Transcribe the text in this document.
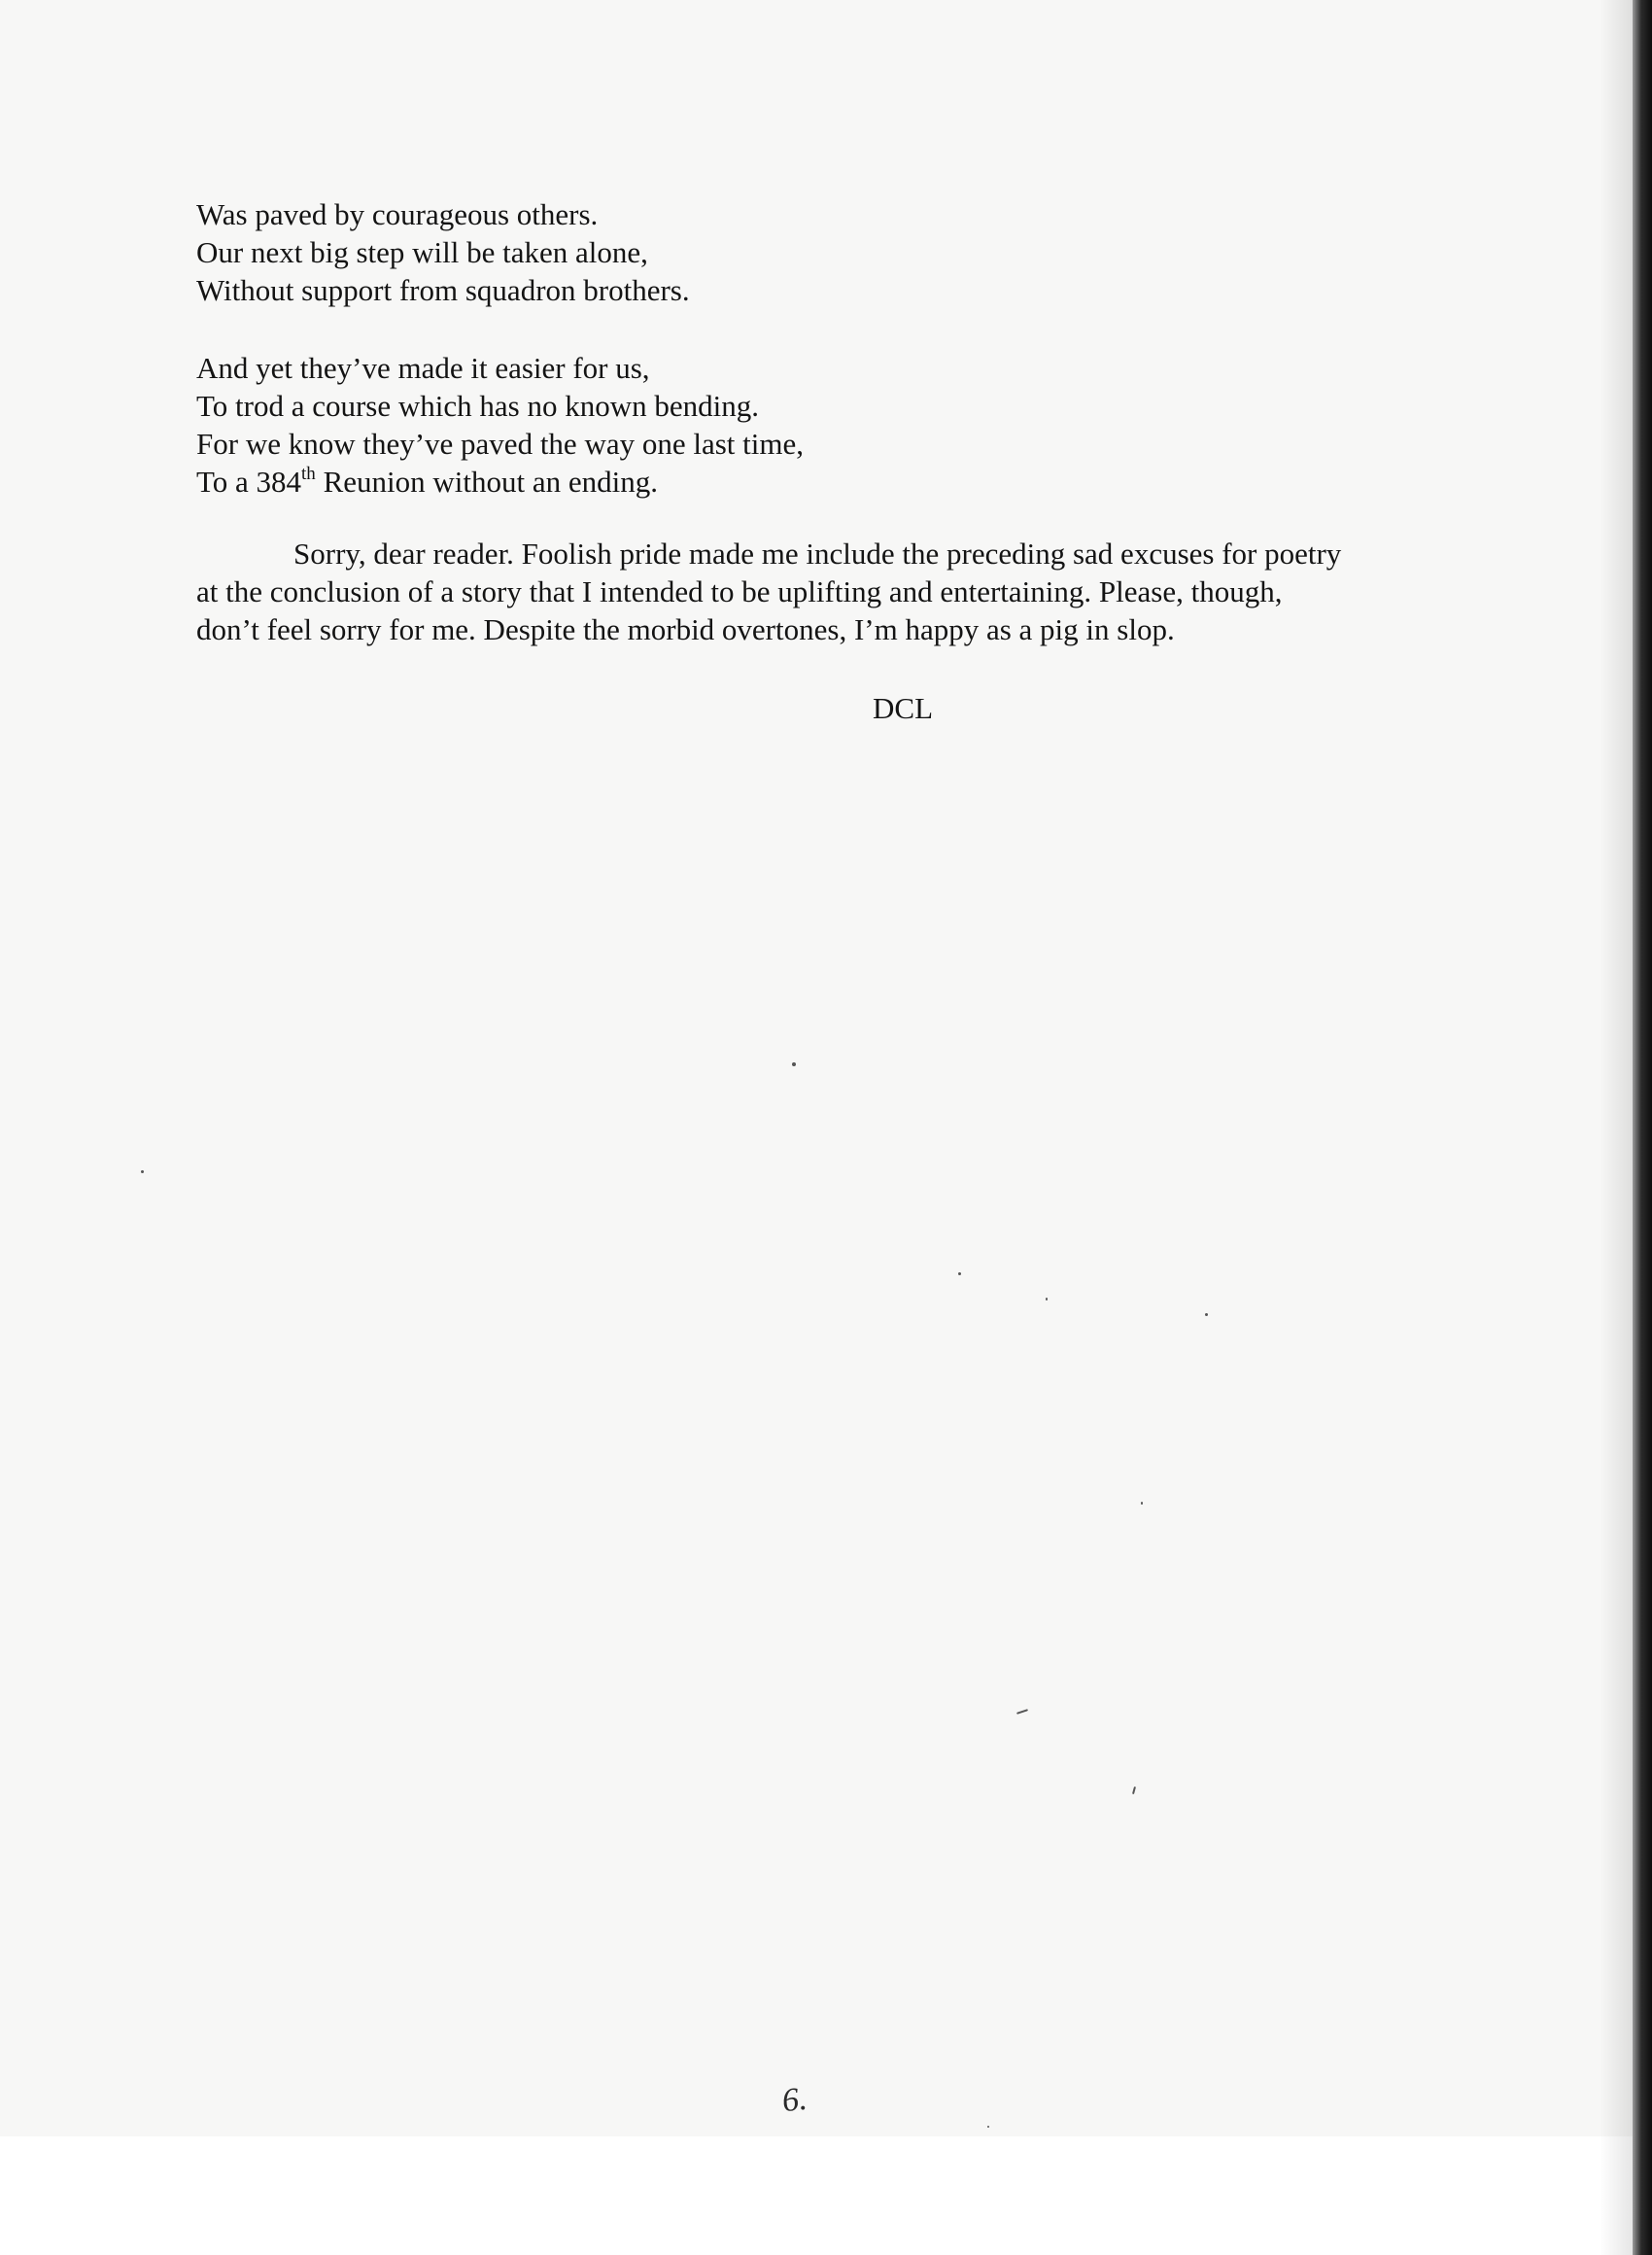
Was paved by courageous others.
Our next big step will be taken alone,
Without support from squadron brothers.
And yet they’ve made it easier for us,
To trod a course which has no known bending.
For we know they’ve paved the way one last time,
To a 384th Reunion without an ending.
Sorry, dear reader. Foolish pride made me include the preceding sad excuses for poetry
at the conclusion of a story that I intended to be uplifting and entertaining. Please, though,
don’t feel sorry for me. Despite the morbid overtones, I’m happy as a pig in slop.
DCL
6.
